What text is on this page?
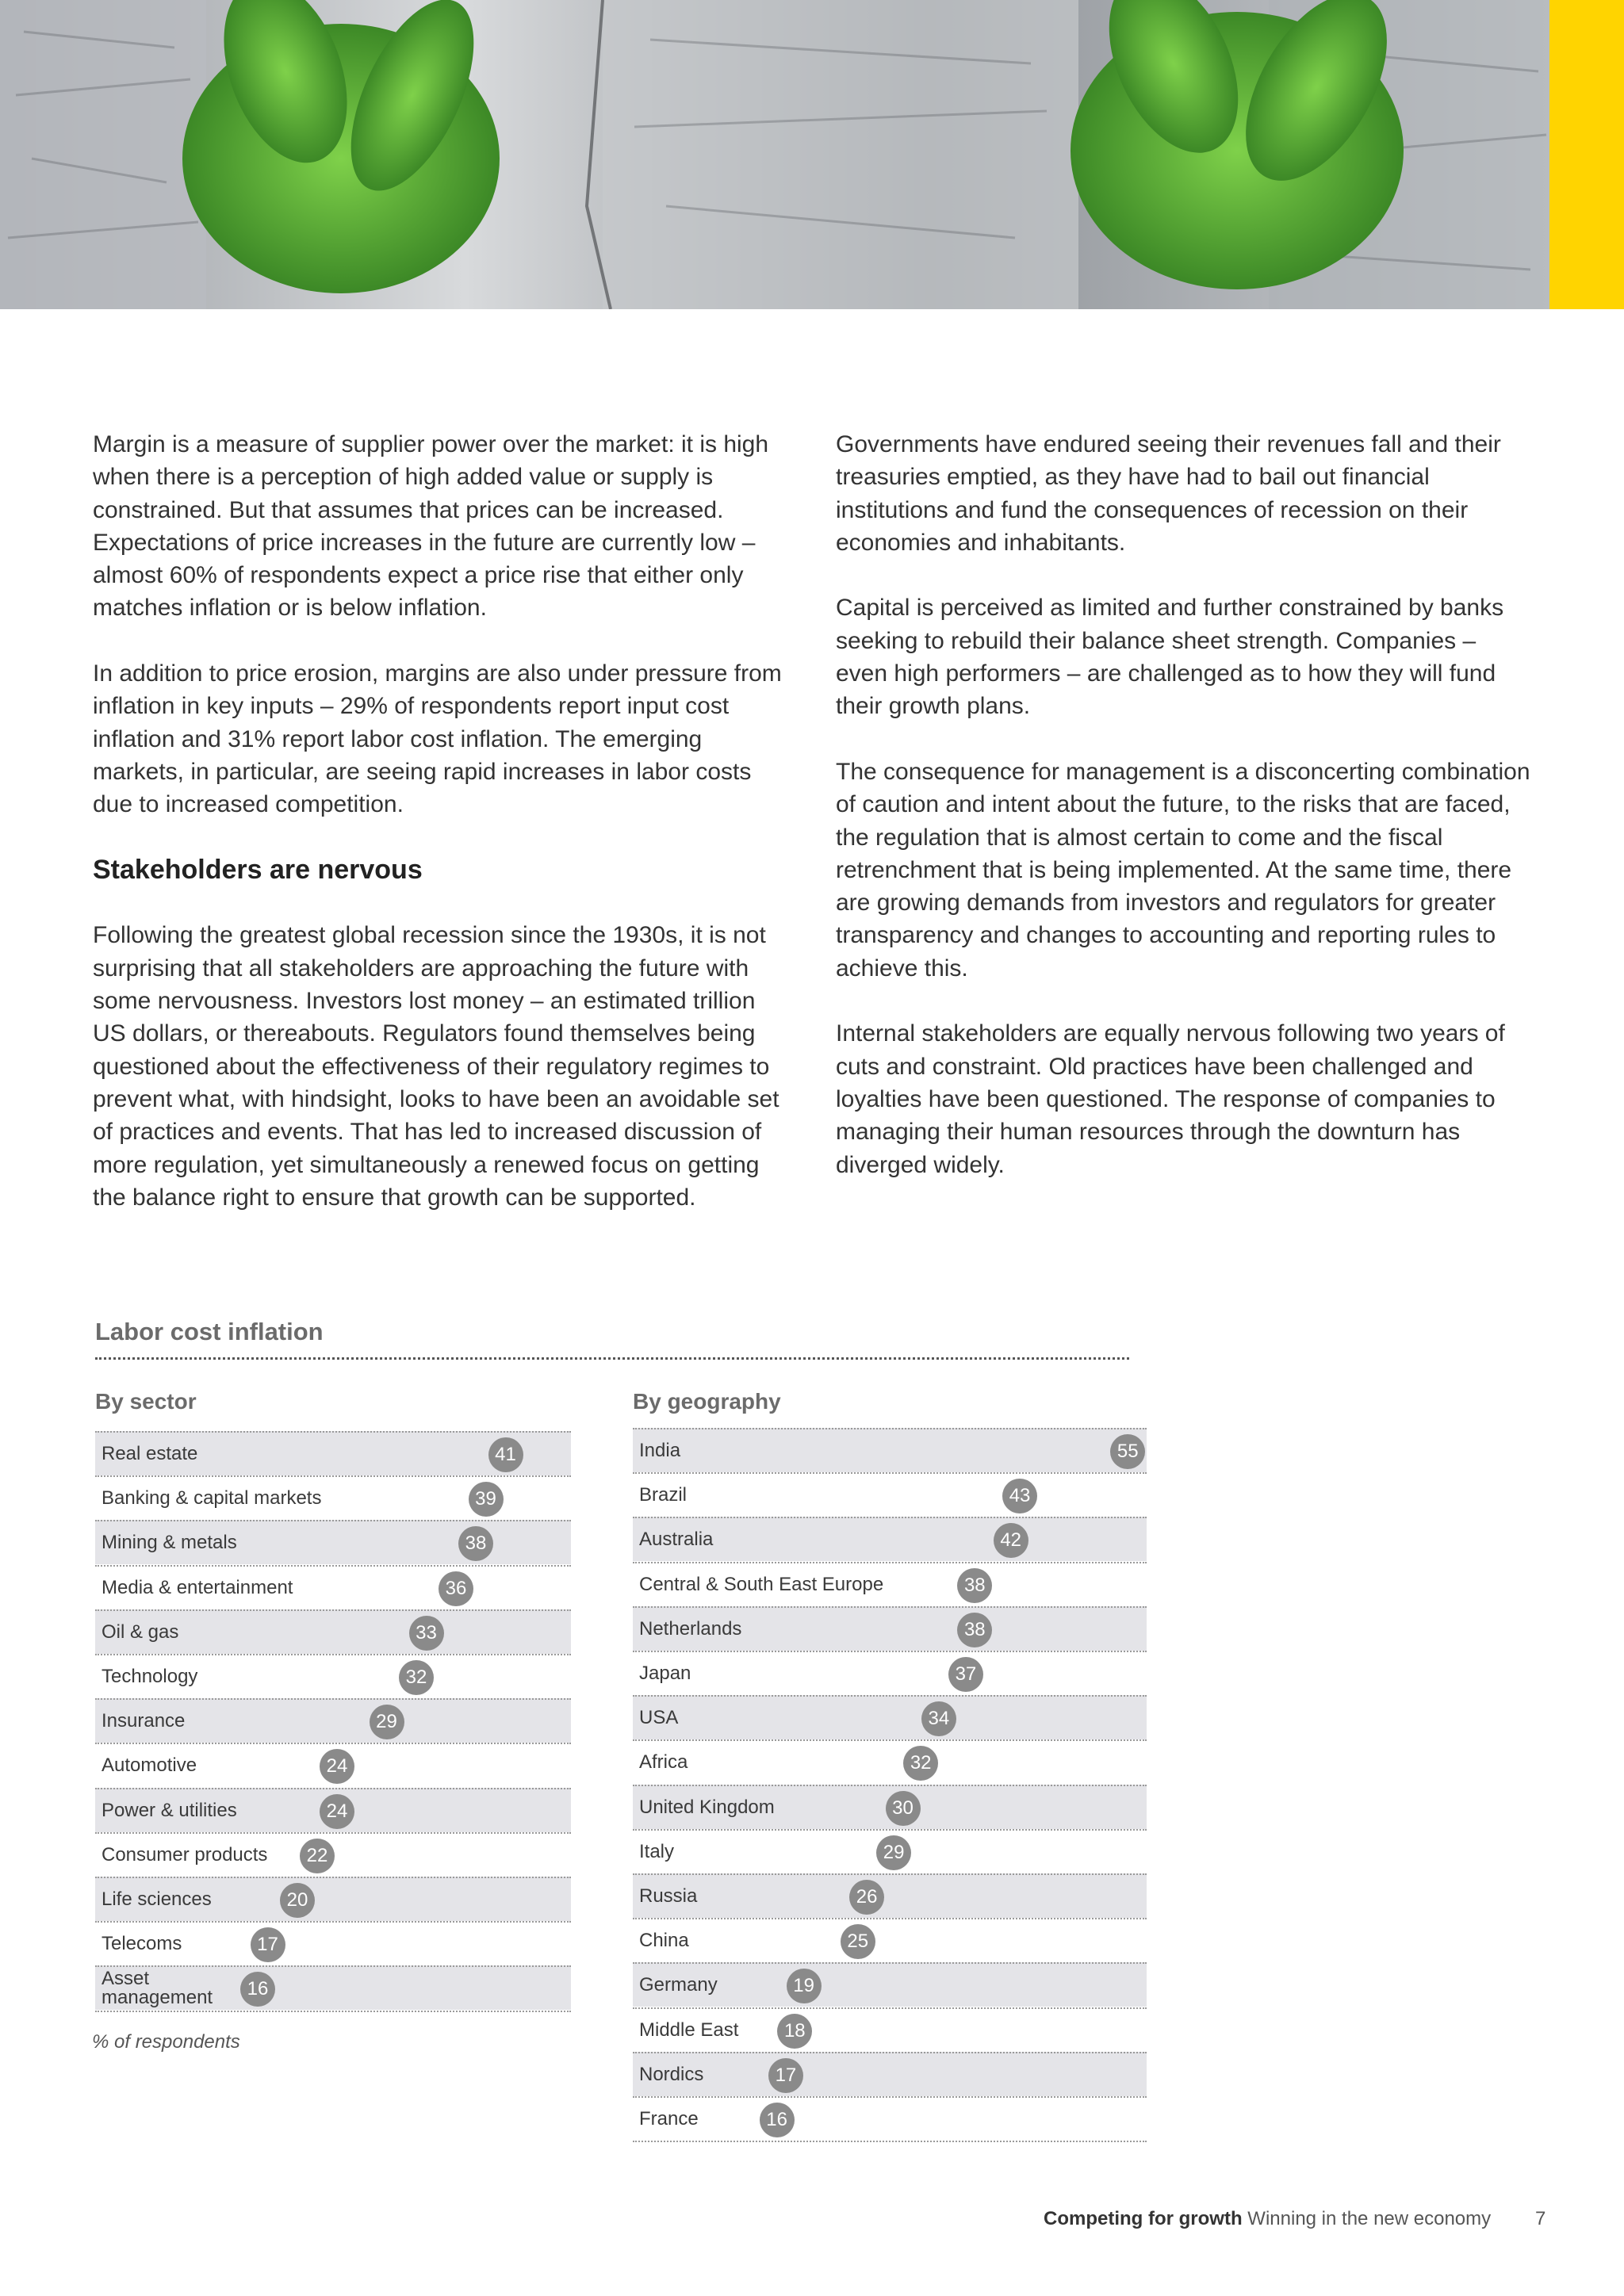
Margin is a measure of supplier power over the market: it is high when there is a perception of high added value or supply is constrained. But that assumes that prices can be increased. Expectations of price increases in the future are currently low – almost 60% of respondents expect a price rise that either only matches inflation or is below inflation.

In addition to price erosion, margins are also under pressure from inflation in key inputs – 29% of respondents report input cost inflation and 31% report labor cost inflation. The emerging markets, in particular, are seeing rapid increases in labor costs due to increased competition.

Stakeholders are nervous

Following the greatest global recession since the 1930s, it is not surprising that all stakeholders are approaching the future with some nervousness. Investors lost money – an estimated trillion US dollars, or thereabouts. Regulators found themselves being questioned about the effectiveness of their regulatory regimes to prevent what, with hindsight, looks to have been an avoidable set of practices and events. That has led to increased discussion of more regulation, yet simultaneously a renewed focus on getting the balance right to ensure that growth can be supported.

Governments have endured seeing their revenues fall and their treasuries emptied, as they have had to bail out financial institutions and fund the consequences of recession on their economies and inhabitants.

Capital is perceived as limited and further constrained by banks seeking to rebuild their balance sheet strength. Companies – even high performers – are challenged as to how they will fund their growth plans.

The consequence for management is a disconcerting combination of caution and intent about the future, to the risks that are faced, the regulation that is almost certain to come and the fiscal retrenchment that is being implemented. At the same time, there are growing demands from investors and regulators for greater transparency and changes to accounting and reporting rules to achieve this.

Internal stakeholders are equally nervous following two years of cuts and constraint. Old practices have been challenged and loyalties have been questioned. The response of companies to managing their human resources through the downturn has diverged widely.

Labor cost inflation
By sector	By geography
Real estate	41
Banking & capital markets	39
Mining & metals	38
Media & entertainment	36
Oil & gas	33
Technology	32
Insurance	29
Automotive	24
Power & utilities	24
Consumer products	22
Life sciences	20
Telecoms	17
Asset management	16
India	55
Brazil	43
Australia	42
Central & South East Europe	38
Netherlands	38
Japan	37
USA	34
Africa	32
United Kingdom	30
Italy	29
Russia	26
China	25
Germany	19
Middle East	18
Nordics	17
France	16
% of respondents
Competing for growth Winning in the new economy 7
